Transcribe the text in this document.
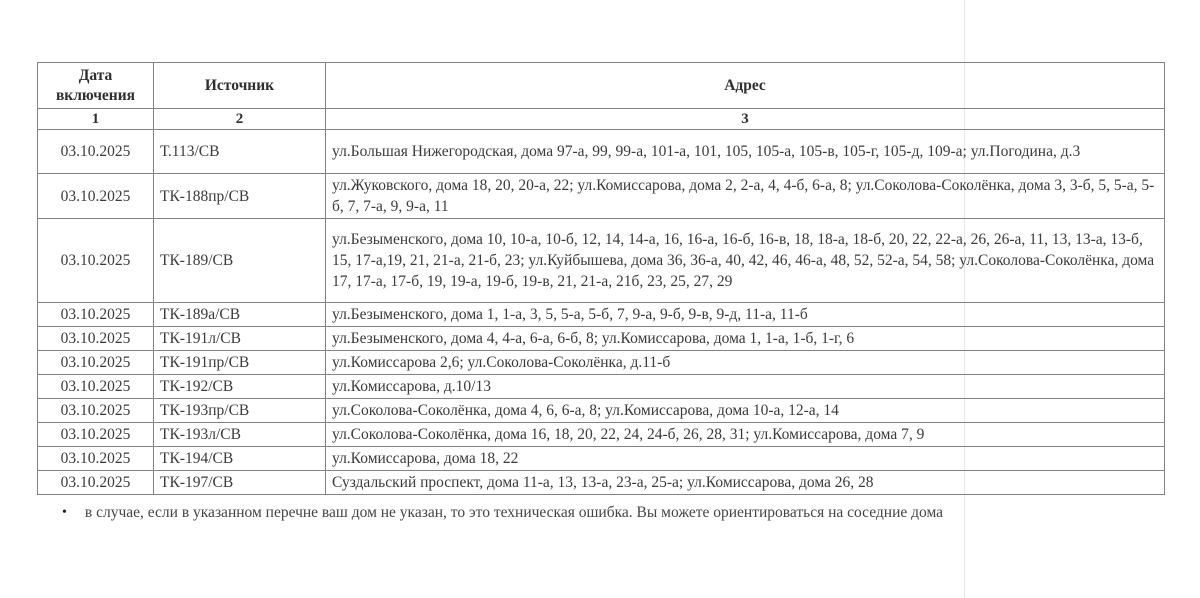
Дата включения	Источник	Адрес
1	2	3
03.10.2025	Т.113/СВ	ул.Большая Нижегородская, дома 97-а, 99, 99-а, 101-а, 101, 105, 105-а, 105-в, 105-г, 105-д, 109-а; ул.Погодина, д.3
03.10.2025	ТК-188пр/СВ	ул.Жуковского, дома 18, 20, 20-а, 22; ул.Комиссарова, дома 2, 2-а, 4, 4-б, 6-а, 8; ул.Соколова-Соколёнка, дома 3, 3-б, 5, 5-а, 5-б, 7, 7-а, 9, 9-а, 11
03.10.2025	ТК-189/СВ	ул.Безыменского, дома 10, 10-а, 10-б, 12, 14, 14-а, 16, 16-а, 16-б, 16-в, 18, 18-а, 18-б, 20, 22, 22-а, 26, 26-а, 11, 13, 13-а, 13-б, 15, 17-а,19, 21, 21-а, 21-б, 23; ул.Куйбышева, дома 36, 36-а, 40, 42, 46, 46-а, 48, 52, 52-а, 54, 58; ул.Соколова-Соколёнка, дома 17, 17-а, 17-б, 19, 19-а, 19-б, 19-в, 21, 21-а, 21б, 23, 25, 27, 29
03.10.2025	ТК-189а/СВ	ул.Безыменского, дома 1, 1-а, 3, 5, 5-а, 5-б, 7, 9-а, 9-б, 9-в, 9-д, 11-а, 11-б
03.10.2025	ТК-191л/СВ	ул.Безыменского, дома 4, 4-а, 6-а, 6-б, 8; ул.Комиссарова, дома 1, 1-а, 1-б, 1-г, 6
03.10.2025	ТК-191пр/СВ	ул.Комиссарова 2,6; ул.Соколова-Соколёнка, д.11-б
03.10.2025	ТК-192/СВ	ул.Комиссарова, д.10/13
03.10.2025	ТК-193пр/СВ	ул.Соколова-Соколёнка, дома 4, 6, 6-а, 8; ул.Комиссарова, дома 10-а, 12-а, 14
03.10.2025	ТК-193л/СВ	ул.Соколова-Соколёнка, дома 16, 18, 20, 22, 24, 24-б, 26, 28, 31; ул.Комиссарова, дома 7, 9
03.10.2025	ТК-194/СВ	ул.Комиссарова, дома 18, 22
03.10.2025	ТК-197/СВ	Суздальский проспект, дома 11-а, 13, 13-а, 23-а, 25-а; ул.Комиссарова, дома 26, 28
• в случае, если в указанном перечне ваш дом не указан, то это техническая ошибка. Вы можете ориентироваться на соседние дома
